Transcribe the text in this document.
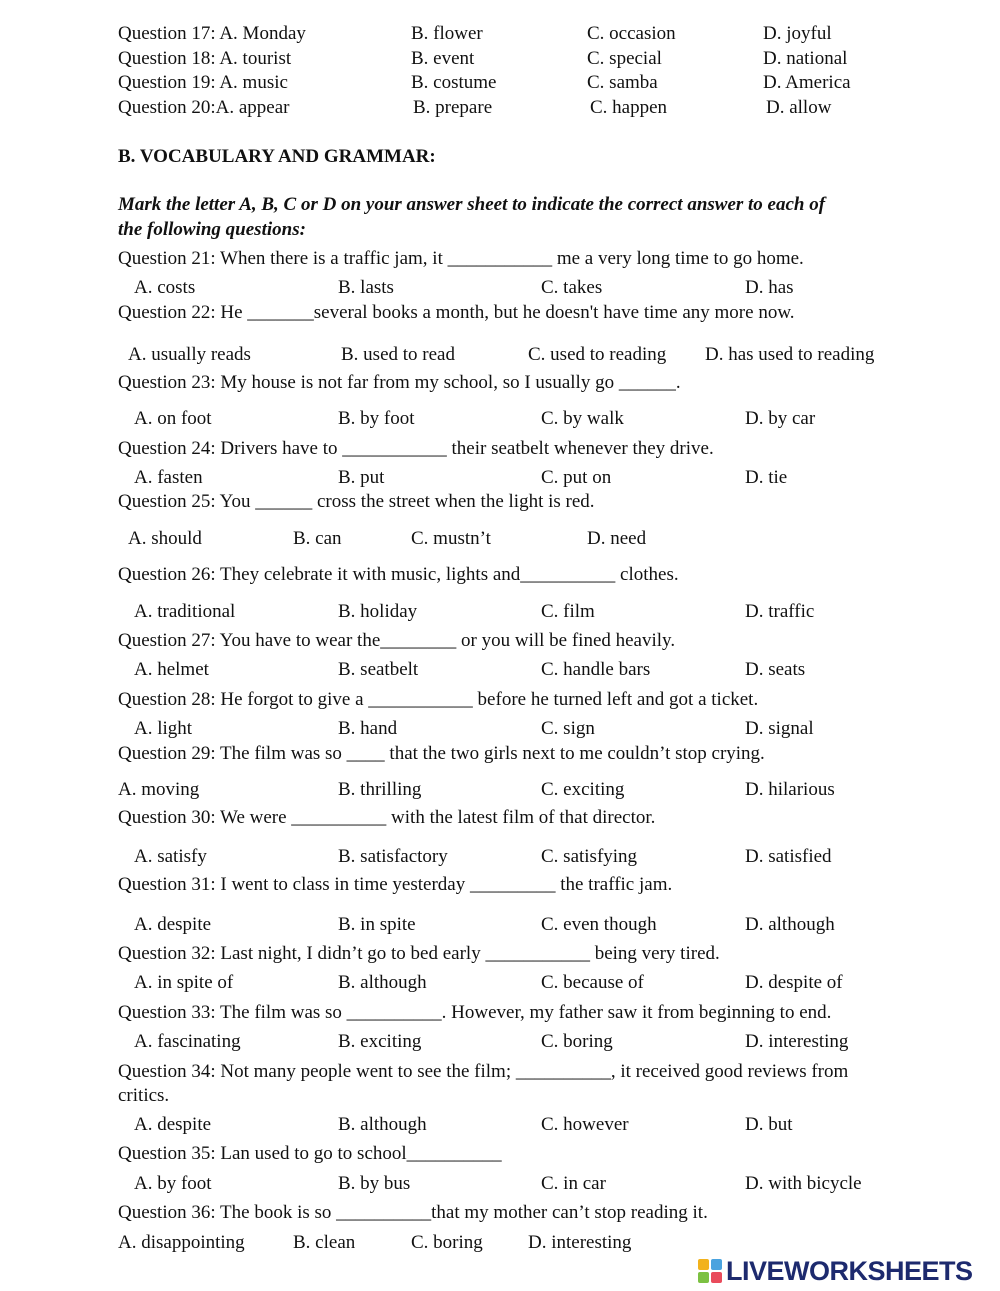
Question 17: A. Monday	B. flower	C. occasion	D. joyful
Question 18: A. tourist	B. event	C. special	D. national
Question 19: A. music	B. costume	C. samba	D. America
Question 20:A. appear	B. prepare	C. happen	D. allow
B. VOCABULARY AND GRAMMAR:
Mark the letter A, B, C or D on your answer sheet to indicate the correct answer to each of
the following questions:
Question 21: When there is a traffic jam, it ___________ me a very long time to go home.
A. costs	B. lasts	C. takes	D. has
Question 22: He _______several books a month, but he doesn't have time any more now.
A. usually reads	B. used to read	C. used to reading D. has used to reading
Question 23: My house is not far from my school, so I usually go ______.
A. on foot	B. by foot	C. by walk	D. by car
Question 24: Drivers have to ___________ their seatbelt whenever they drive.
A. fasten	B. put	C. put on	D. tie
Question 25: You ______ cross the street when the light is red.
A. should	B. can	C. mustn’t	D. need
Question 26: They celebrate it with music, lights and__________ clothes.
A. traditional	B. holiday	C. film	D. traffic
Question 27: You have to wear the________ or you will be fined heavily.
A. helmet	B. seatbelt	C. handle bars	D. seats
Question 28: He forgot to give a ___________ before he turned left and got a ticket.
A. light	B. hand	C. sign	D. signal
Question 29: The film was so ____ that the two girls next to me couldn’t stop crying.
A. moving	B. thrilling	C. exciting	D. hilarious
Question 30: We were __________ with the latest film of that director.
A. satisfy	B. satisfactory	C. satisfying	D. satisfied
Question 31: I went to class in time yesterday _________ the traffic jam.
A. despite	B. in spite	C. even though	D. although
Question 32: Last night, I didn’t go to bed early ___________ being very tired.
A. in spite of	B. although	C. because of	D. despite of
Question 33: The film was so __________. However, my father saw it from beginning to end.
A. fascinating	B. exciting	C. boring	D. interesting
Question 34: Not many people went to see the film; __________, it received good reviews from
critics.
A. despite	B. although	C. however	D. but
Question 35: Lan used to go to school__________
A. by foot	B. by bus	C. in car	D. with bicycle
Question 36: The book is so __________that my mother can’t stop reading it.
A. disappointing	B. clean	C. boring D. interesting
LIVEWORKSHEETS
